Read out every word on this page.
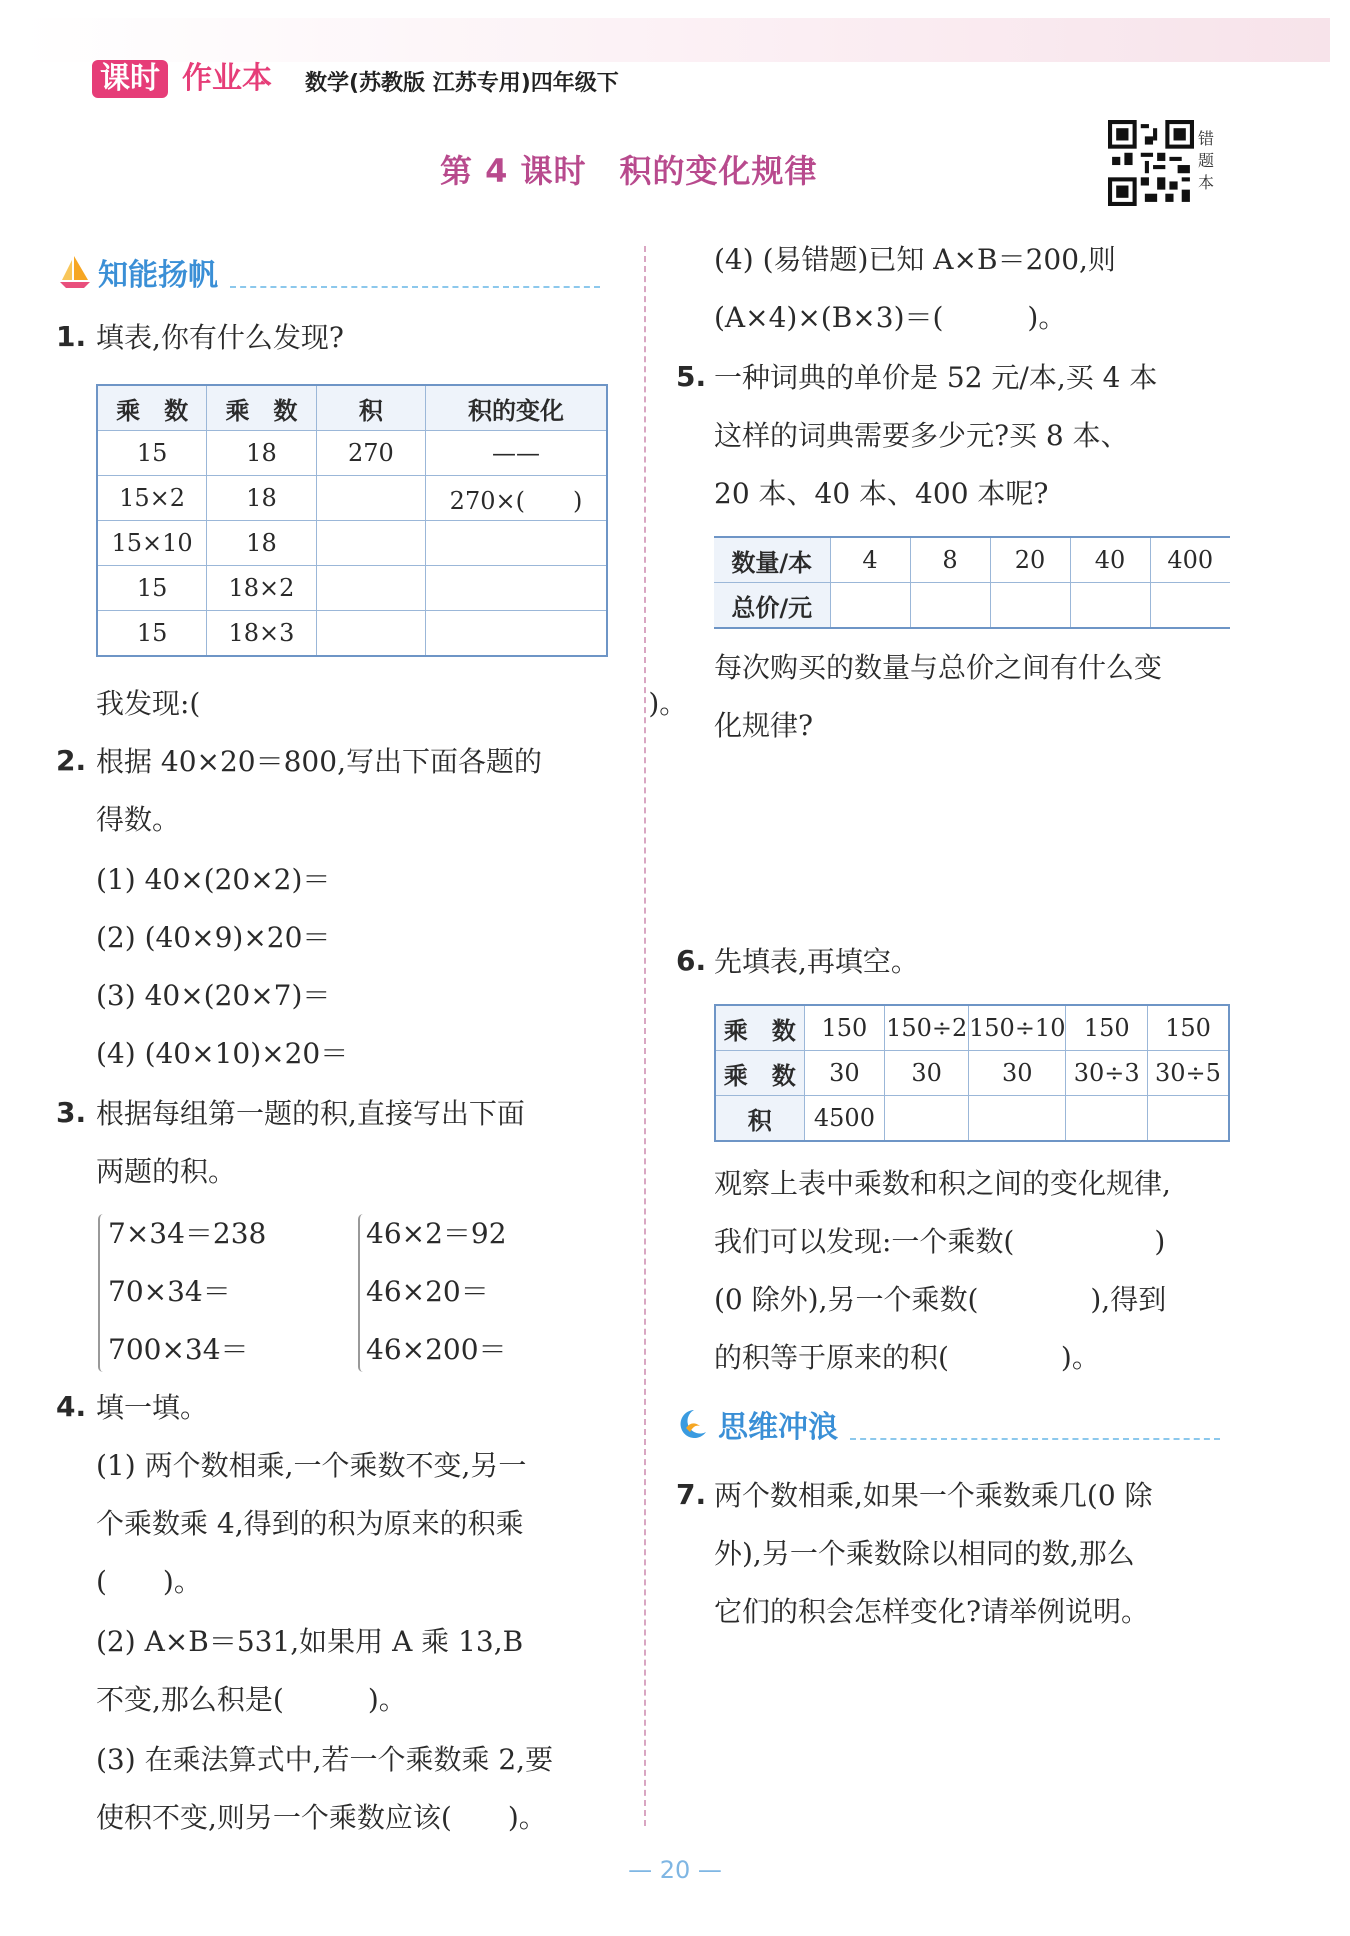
课时 作业本 数学(苏教版 江苏专用)四年级下
第 4 课时　积的变化规律
错题本
知能扬帆
1. 填表,你有什么发现?
乘　数	乘　数	积	积的变化
15	18	270	——
15×2	18		270×(　　)
15×10	18		
15	18×2		
15	18×3		
我发现:(　　　　　　　　　　　　　　　　)。
2. 根据 40×20＝800,写出下面各题的
得数。
(1) 40×(20×2)＝
(2) (40×9)×20＝
(3) 40×(20×7)＝
(4) (40×10)×20＝
3. 根据每组第一题的积,直接写出下面
两题的积。
7×34＝238
70×34＝
700×34＝
46×2＝92
46×20＝
46×200＝
4. 填一填。
(1) 两个数相乘,一个乘数不变,另一
个乘数乘 4,得到的积为原来的积乘
(　　)。
(2) A×B＝531,如果用 A 乘 13,B
不变,那么积是(　　　)。
(3) 在乘法算式中,若一个乘数乘 2,要
使积不变,则另一个乘数应该(　　)。
(4) (易错题)已知 A×B＝200,则
(A×4)×(B×3)＝(　　　)。
5. 一种词典的单价是 52 元/本,买 4 本
这样的词典需要多少元?买 8 本、
20 本、40 本、400 本呢?
数量/本	4	8	20	40	400
总价/元					
每次购买的数量与总价之间有什么变
化规律?
6. 先填表,再填空。
乘　数	150	150÷2	150÷10	150	150
乘　数	30	30	30	30÷3	30÷5
积	4500				
观察上表中乘数和积之间的变化规律,
我们可以发现:一个乘数(　　　　　)
(0 除外),另一个乘数(　　　　),得到
的积等于原来的积(　　　　)。
思维冲浪
7. 两个数相乘,如果一个乘数乘几(0 除
外),另一个乘数除以相同的数,那么
它们的积会怎样变化?请举例说明。
— 20 —
